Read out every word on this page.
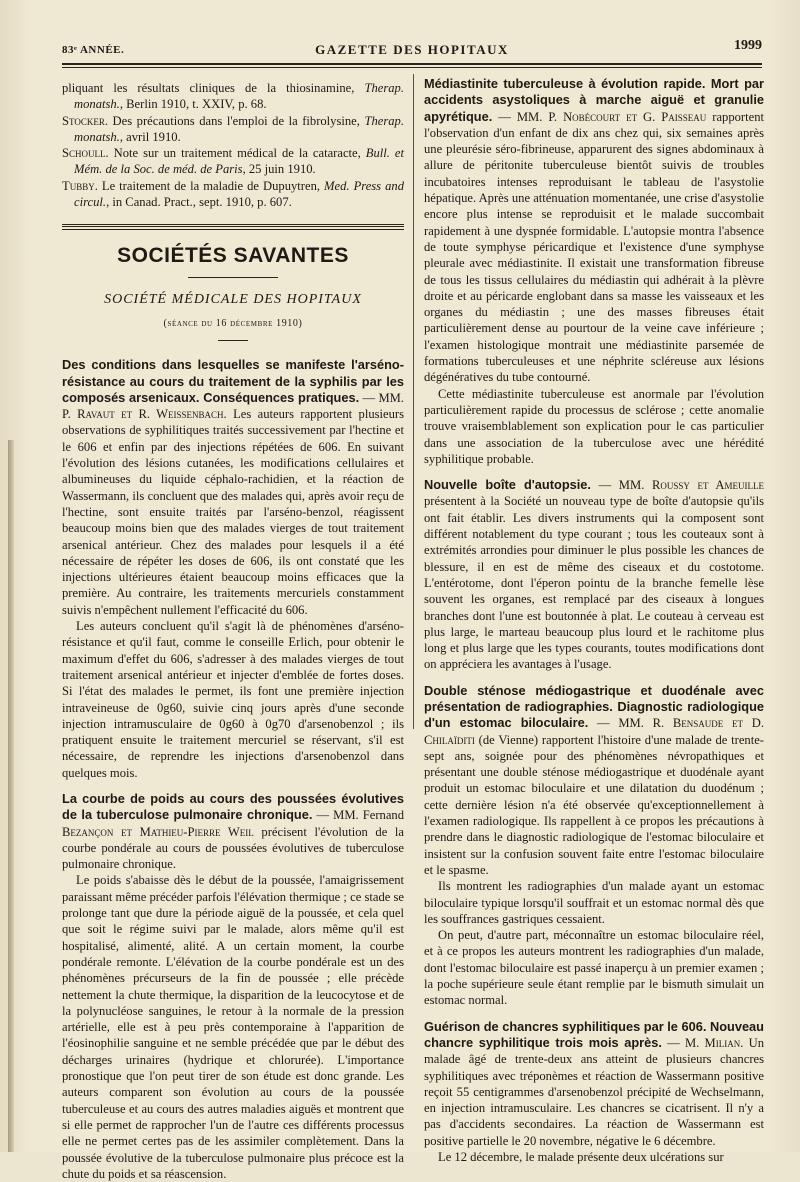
83ᵉ ANNÉE.	GAZETTE DES HOPITAUX	1999

pliquant les résultats cliniques de la thiosinamine, Therap. monatsh., Berlin 1910, t. XXIV, p. 68.

Stocker. Des précautions dans l'emploi de la fibrolysine, Therap. monatsh., avril 1910.

Schoull. Note sur un traitement médical de la cataracte, Bull. et Mém. de la Soc. de méd. de Paris, 25 juin 1910.

Tubby. Le traitement de la maladie de Dupuytren, Med. Press and circul., in Canad. Pract., sept. 1910, p. 607.

SOCIÉTÉS SAVANTES
SOCIÉTÉ MÉDICALE DES HOPITAUX
(séance du 16 décembre 1910)

Des conditions dans lesquelles se manifeste l'arséno-résistance au cours du traitement de la syphilis par les composés arsenicaux. Conséquences pratiques. — MM. P. Ravaut et R. Weissenbach. Les auteurs rapportent plusieurs observations de syphilitiques traités successivement par l'hectine et le 606 et enfin par des injections répétées de 606. En suivant l'évolution des lésions cutanées, les modifications cellulaires et albumineuses du liquide céphalo-rachidien, et la réaction de Wassermann, ils concluent que des malades qui, après avoir reçu de l'hectine, sont ensuite traités par l'arséno-benzol, réagissent beaucoup moins bien que des malades vierges de tout traitement arsenical antérieur. Chez des malades pour lesquels il a été nécessaire de répéter les doses de 606, ils ont constaté que les injections ultérieures étaient beaucoup moins efficaces que la première. Au contraire, les traitements mercuriels constamment suivis n'empêchent nullement l'efficacité du 606.

Les auteurs concluent qu'il s'agit là de phénomènes d'arséno-résistance et qu'il faut, comme le conseille Erlich, pour obtenir le maximum d'effet du 606, s'adresser à des malades vierges de tout traitement arsenical antérieur et injecter d'emblée de fortes doses. Si l'état des malades le permet, ils font une première injection intraveineuse de 0g60, suivie cinq jours après d'une seconde injection intramusculaire de 0g60 à 0g70 d'arsenobenzol ; ils pratiquent ensuite le traitement mercuriel se réservant, s'il est nécessaire, de reprendre les injections d'arsenobenzol dans quelques mois.

La courbe de poids au cours des poussées évolutives de la tuberculose pulmonaire chronique. — MM. Fernand Bezançon et Mathieu-Pierre Weil précisent l'évolution de la courbe pondérale au cours de poussées évolutives de tuberculose pulmonaire chronique.

Le poids s'abaisse dès le début de la poussée, l'amaigrissement paraissant même précéder parfois l'élévation thermique ; ce stade se prolonge tant que dure la période aiguë de la poussée, et cela quel que soit le régime suivi par le malade, alors même qu'il est hospitalisé, alimenté, alité. A un certain moment, la courbe pondérale remonte. L'élévation de la courbe pondérale est un des phénomènes précurseurs de la fin de poussée ; elle précède nettement la chute thermique, la disparition de la leucocytose et de la polynucléose sanguines, le retour à la normale de la pression artérielle, elle est à peu près contemporaine à l'apparition de l'éosinophilie sanguine et ne semble précédée que par le début des décharges urinaires (hydrique et chlorurée). L'importance pronostique que l'on peut tirer de son étude est donc grande. Les auteurs comparent son évolution au cours de la poussée tuberculeuse et au cours des autres maladies aiguës et montrent que si elle permet de rapprocher l'un de l'autre ces différents processus elle ne permet certes pas de les assimiler complètement. Dans la poussée évolutive de la tuberculose pulmonaire plus précoce est la chute du poids et sa réascension.

Médiastinite tuberculeuse à évolution rapide. Mort par accidents asystoliques à marche aiguë et granulie apyrétique. — MM. P. Nobécourt et G. Paisseau rapportent l'observation d'un enfant de dix ans chez qui, six semaines après une pleurésie séro-fibrineuse, apparurent des signes abdominaux à allure de péritonite tuberculeuse bientôt suivis de troubles incubatoires intenses reproduisant le tableau de l'asystolie hépatique. Après une atténuation momentanée, une crise d'asystolie encore plus intense se reproduisit et le malade succombait rapidement à une dyspnée formidable. L'autopsie montra l'absence de toute symphyse péricardique et l'existence d'une symphyse pleurale avec médiastinite. Il existait une transformation fibreuse de tous les tissus cellulaires du médiastin qui adhérait à la plèvre droite et au péricarde englobant dans sa masse les vaisseaux et les organes du médiastin ; une des masses fibreuses était particulièrement dense au pourtour de la veine cave inférieure ; l'examen histologique montrait une médiastinite parsemée de formations tuberculeuses et une néphrite scléreuse aux lésions dégénératives du tube contourné.

Cette médiastinite tuberculeuse est anormale par l'évolution particulièrement rapide du processus de sclérose ; cette anomalie trouve vraisemblablement son explication pour le cas particulier dans une association de la tuberculose avec une hérédité syphilitique probable.

Nouvelle boîte d'autopsie. — MM. Roussy et Ameuille présentent à la Société un nouveau type de boîte d'autopsie qu'ils ont fait établir. Les divers instruments qui la composent sont différent notablement du type courant ; tous les couteaux sont à extrémités arrondies pour diminuer le plus possible les chances de blessure, il en est de même des ciseaux et du costotome. L'entérotome, dont l'éperon pointu de la branche femelle lèse souvent les organes, est remplacé par des ciseaux à longues branches dont l'une est boutonnée à plat. Le couteau à cerveau est plus large, le marteau beaucoup plus lourd et le rachitome plus long et plus large que les types courants, toutes modifications dont on appréciera les avantages à l'usage.

Double sténose médiogastrique et duodénale avec présentation de radiographies. Diagnostic radiologique d'un estomac biloculaire. — MM. R. Bensaude et D. Chilaïditi (de Vienne) rapportent l'histoire d'une malade de trente-sept ans, soignée pour des phénomènes névropathiques et présentant une double sténose médiogastrique et duodénale ayant produit un estomac biloculaire et une dilatation du duodénum ; cette dernière lésion n'a été observée qu'exceptionnellement à l'examen radiologique. Ils rappellent à ce propos les précautions à prendre dans le diagnostic radiologique de l'estomac biloculaire et insistent sur la confusion souvent faite entre l'estomac biloculaire et le spasme.

Ils montrent les radiographies d'un malade ayant un estomac biloculaire typique lorsqu'il souffrait et un estomac normal dès que les souffrances gastriques cessaient.

On peut, d'autre part, méconnaître un estomac biloculaire réel, et à ce propos les auteurs montrent les radiographies d'un malade, dont l'estomac biloculaire est passé inaperçu à un premier examen ; la poche supérieure seule étant remplie par le bismuth simulait un estomac normal.

Guérison de chancres syphilitiques par le 606. Nouveau chancre syphilitique trois mois après. — M. Milian. Un malade âgé de trente-deux ans atteint de plusieurs chancres syphilitiques avec tréponèmes et réaction de Wassermann positive reçoit 55 centigrammes d'arsenobenzol précipité de Wechselmann, en injection intramusculaire. Les chancres se cicatrisent. Il n'y a pas d'accidents secondaires. La réaction de Wassermann est positive partielle le 20 novembre, négative le 6 décembre.

Le 12 décembre, le malade présente deux ulcérations sur
